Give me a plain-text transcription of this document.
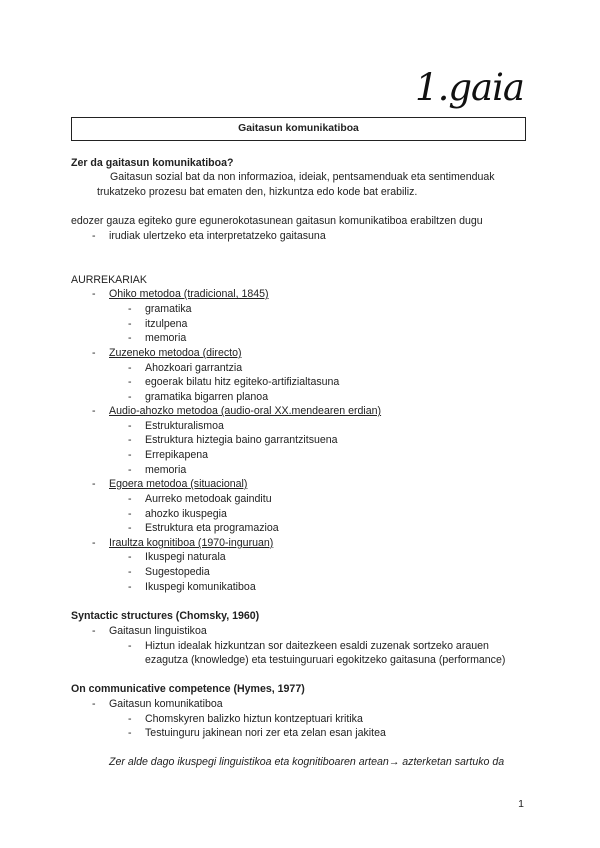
1.gaia
Gaitasun komunikatiboa
Zer da gaitasun komunikatiboa?
Gaitasun sozial bat da non informazioa, ideiak, pentsamenduak eta sentimenduak
trukatzeko prozesu bat ematen den, hizkuntza edo kode bat erabiliz.
edozer gauza egiteko gure egunerokotasunean gaitasun komunikatiboa erabiltzen dugu
- irudiak ulertzeko eta interpretatzeko gaitasuna
AURREKARIAK
- Ohiko metodoa (tradicional, 1845)
- gramatika
- itzulpena
- memoria
- Zuzeneko metodoa (directo)
- Ahozkoari garrantzia
- egoerak bilatu hitz egiteko-artifizialtasuna
- gramatika bigarren planoa
- Audio-ahozko metodoa (audio-oral XX.mendearen erdian)
- Estrukturalismoa
- Estruktura hiztegia baino garrantzitsuena
- Errepikapena
- memoria
- Egoera metodoa (situacional)
- Aurreko metodoak gainditu
- ahozko ikuspegia
- Estruktura eta programazioa
- Iraultza kognitiboa (1970-inguruan)
- Ikuspegi naturala
- Sugestopedia
- Ikuspegi komunikatiboa
Syntactic structures (Chomsky, 1960)
- Gaitasun linguistikoa
- Hiztun idealak hizkuntzan sor daitezkeen esaldi zuzenak sortzeko arauen
ezagutza (knowledge) eta testuinguruari egokitzeko gaitasuna (performance)
On communicative competence (Hymes, 1977)
- Gaitasun komunikatiboa
- Chomskyren balizko hiztun kontzeptuari kritika
- Testuinguru jakinean nori zer eta zelan esan jakitea
Zer alde dago ikuspegi linguistikoa eta kognitiboaren artean→ azterketan sartuko da
1
